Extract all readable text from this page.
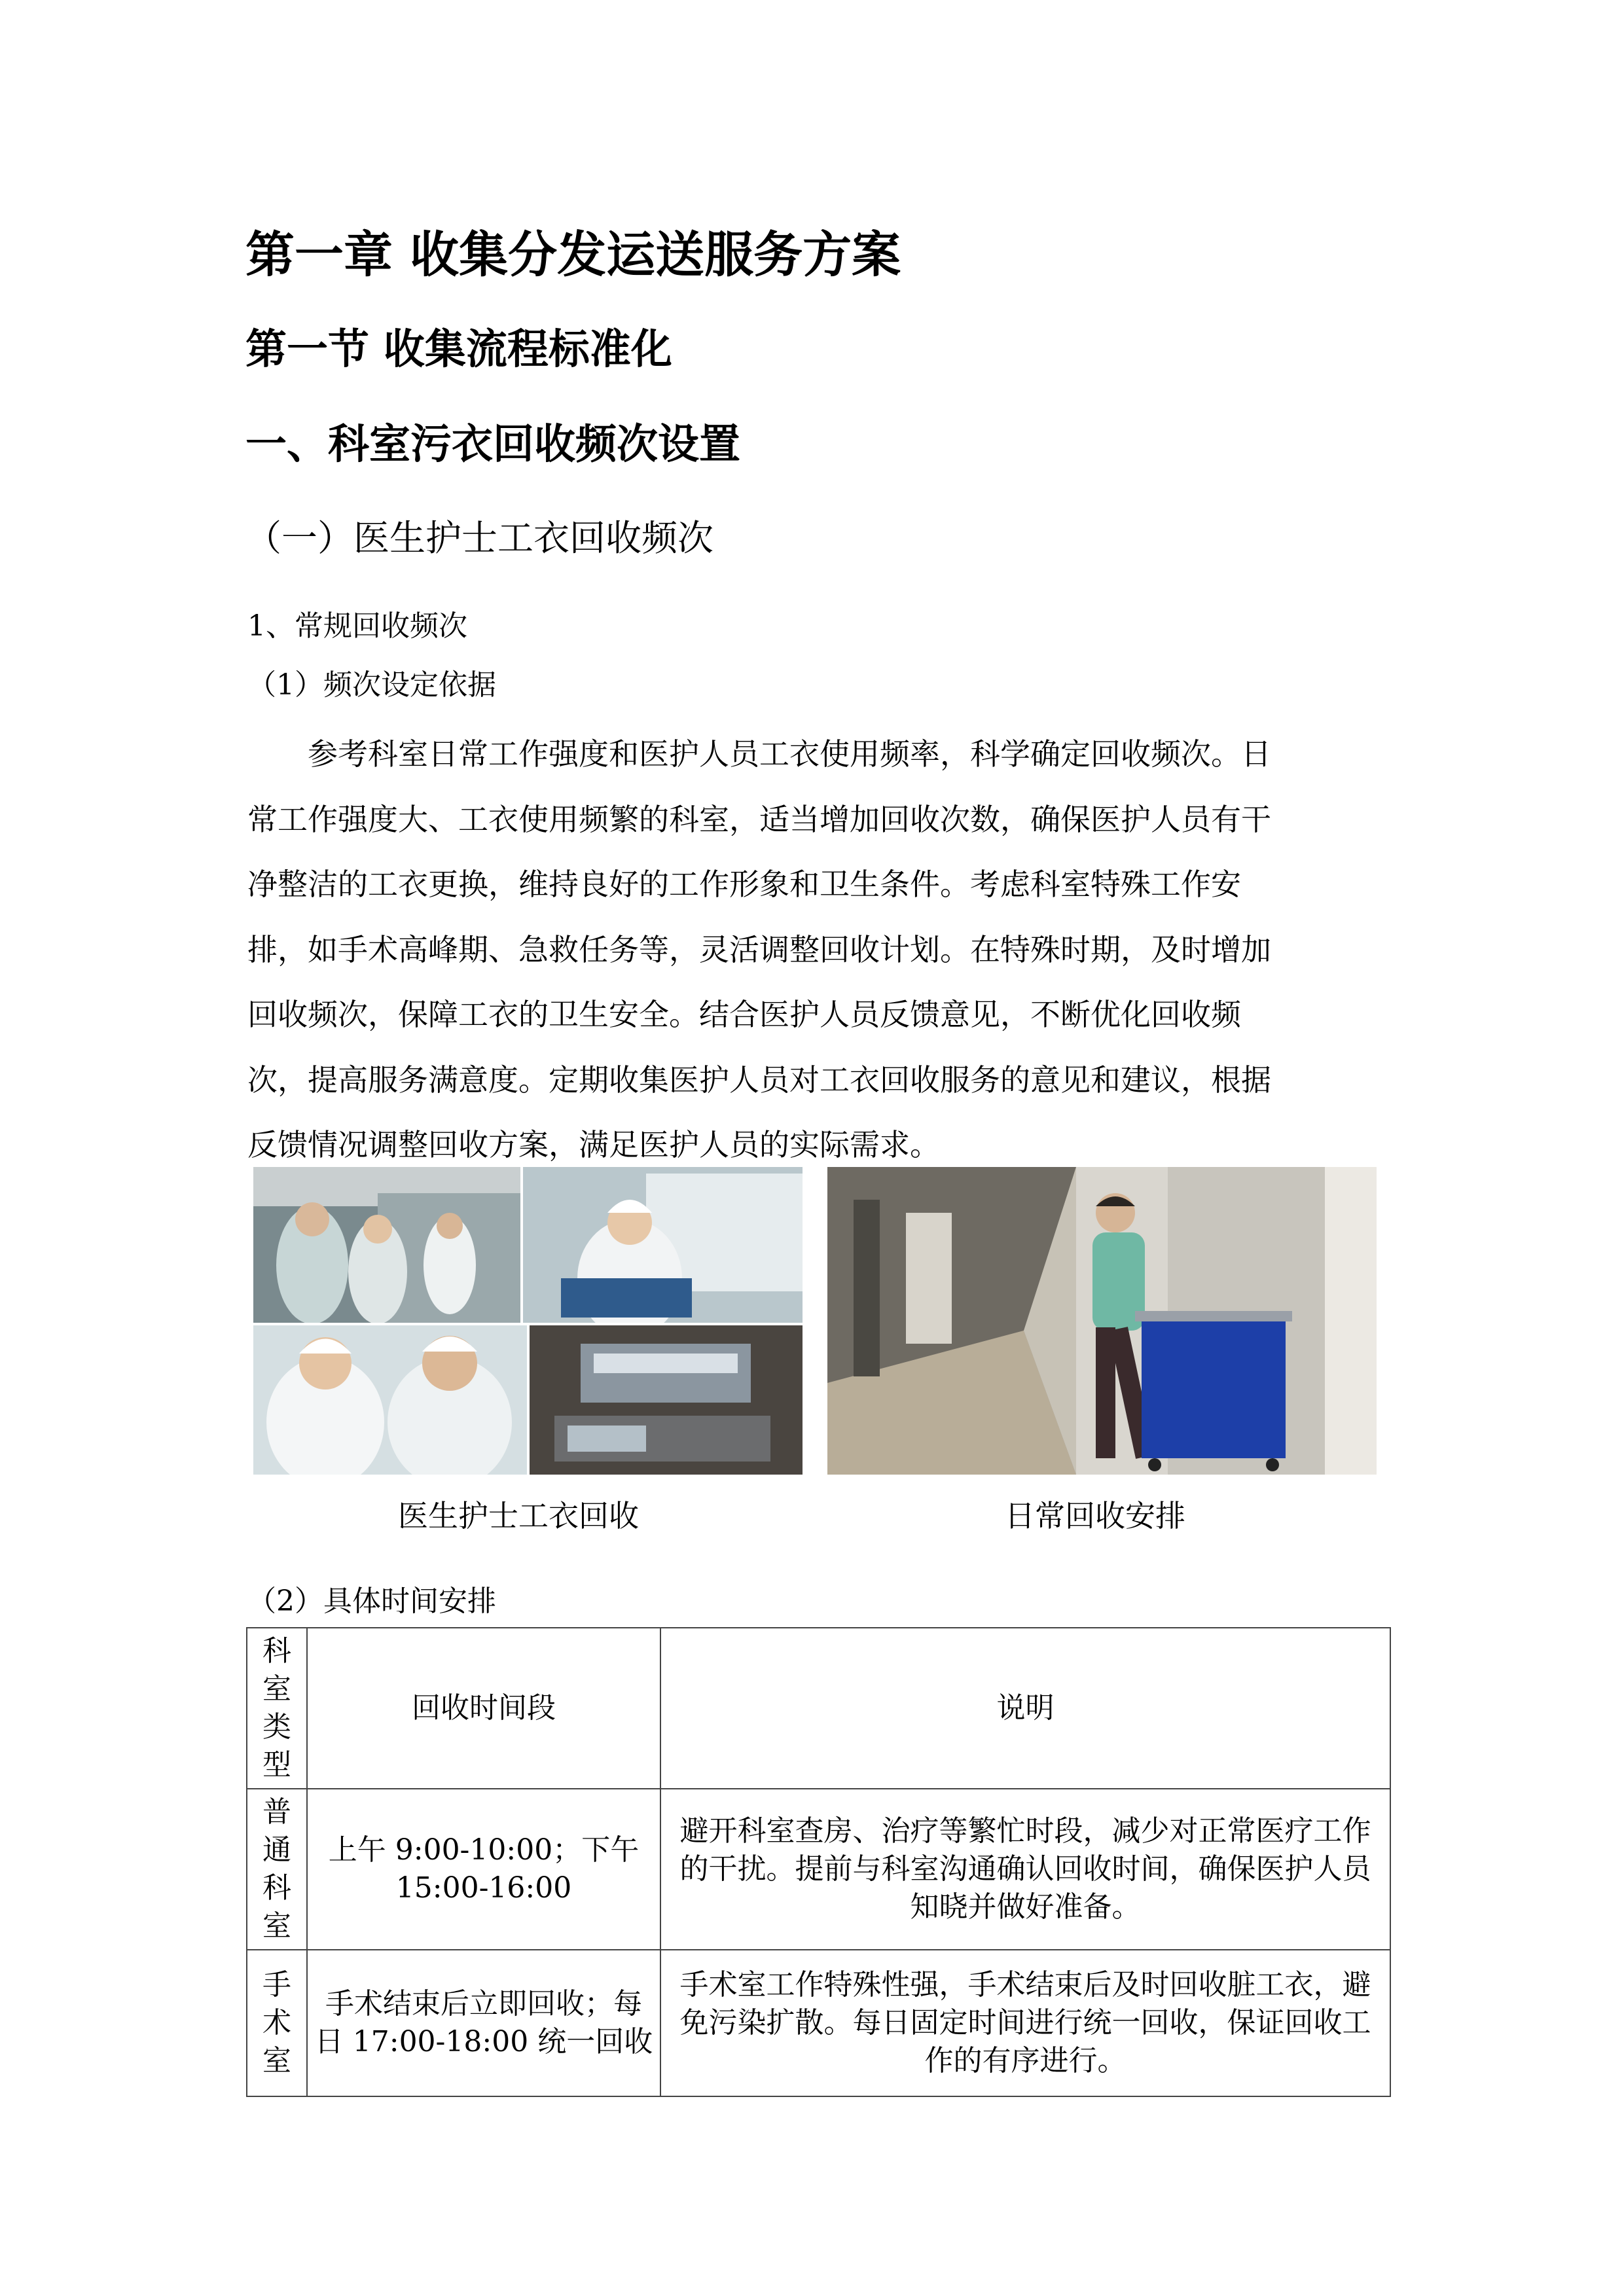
第一章 收集分发运送服务方案
第一节 收集流程标准化
一、科室污衣回收频次设置
（一）医生护士工衣回收频次
1、常规回收频次
（1）频次设定依据
参考科室日常工作强度和医护人员工衣使用频率，科学确定回收频次。日
常工作强度大、工衣使用频繁的科室，适当增加回收次数，确保医护人员有干
净整洁的工衣更换，维持良好的工作形象和卫生条件。考虑科室特殊工作安
排，如手术高峰期、急救任务等，灵活调整回收计划。在特殊时期，及时增加
回收频次，保障工衣的卫生安全。结合医护人员反馈意见，不断优化回收频
次，提高服务满意度。定期收集医护人员对工衣回收服务的意见和建议，根据
反馈情况调整回收方案，满足医护人员的实际需求。
医生护士工衣回收	日常回收安排
（2）具体时间安排
科室类型	回收时间段	说明
普通科室	上午 9:00-10:00；下午 15:00-16:00	避开科室查房、治疗等繁忙时段，减少对正常医疗工作的干扰。提前与科室沟通确认回收时间，确保医护人员知晓并做好准备。
手术室	手术结束后立即回收；每日 17:00-18:00 统一回收	手术室工作特殊性强，手术结束后及时回收脏工衣，避免污染扩散。每日固定时间进行统一回收，保证回收工作的有序进行。
